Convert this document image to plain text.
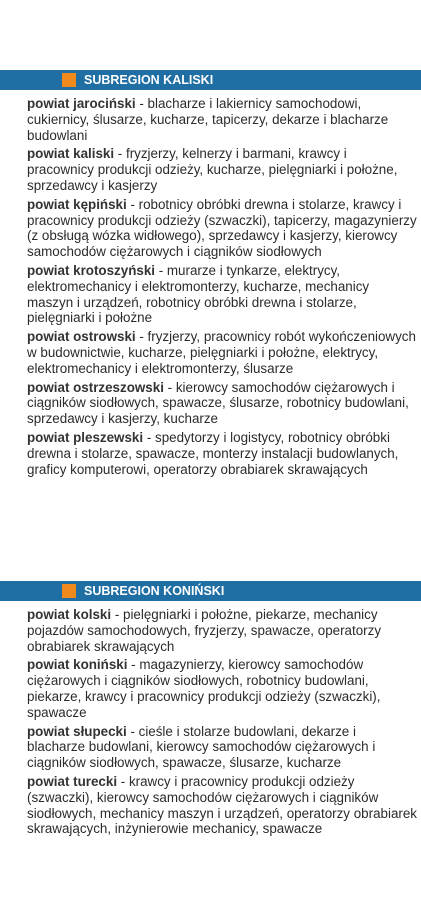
SUBREGION KALISKI
powiat jarociński - blacharze i lakiernicy samochodowi, cukiernicy, ślusarze, kucharze, tapicerzy, dekarze i blacharze budowlani
powiat kaliski - fryzjerzy, kelnerzy i barmani, krawcy i pracownicy produkcji odzieży, kucharze, pielęgniarki i położne, sprzedawcy i kasjerzy
powiat kępiński - robotnicy obróbki drewna i stolarze, krawcy i pracownicy produkcji odzieży (szwaczki), tapicerzy, magazynierzy (z obsługą wózka widłowego), sprzedawcy i kasjerzy, kierowcy samochodów ciężarowych i ciągników siodłowych
powiat krotoszyński - murarze i tynkarze, elektrycy, elektromechanicy i elektromonterzy, kucharze, mechanicy maszyn i urządzeń, robotnicy obróbki drewna i stolarze, pielęgniarki i położne
powiat ostrowski - fryzjerzy, pracownicy robót wykończeniowych w budownictwie, kucharze, pielęgniarki i położne, elektrycy, elektromechanicy i elektromonterzy, ślusarze
powiat ostrzeszowski - kierowcy samochodów ciężarowych i ciągników siodłowych, spawacze, ślusarze, robotnicy budowlani, sprzedawcy i kasjerzy, kucharze
powiat pleszewski - spedytorzy i logistycy, robotnicy obróbki drewna i stolarze, spawacze, monterzy instalacji budowlanych, graficy komputerowi, operatorzy obrabiarek skrawających
SUBREGION KONIŃSKI
powiat kolski - pielęgniarki i położne, piekarze, mechanicy pojazdów samochodowych, fryzjerzy, spawacze, operatorzy obrabiarek skrawających
powiat koniński - magazynierzy, kierowcy samochodów ciężarowych i ciągników siodłowych, robotnicy budowlani, piekarze, krawcy i pracownicy produkcji odzieży (szwaczki), spawacze
powiat słupecki - cieśle i stolarze budowlani, dekarze i blacharze budowlani, kierowcy samochodów ciężarowych i ciągników siodłowych, spawacze, ślusarze, kucharze
powiat turecki - krawcy i pracownicy produkcji odzieży (szwaczki), kierowcy samochodów ciężarowych i ciągników siodłowych, mechanicy maszyn i urządzeń, operatorzy obrabiarek skrawających, inżynierowie mechanicy, spawacze
